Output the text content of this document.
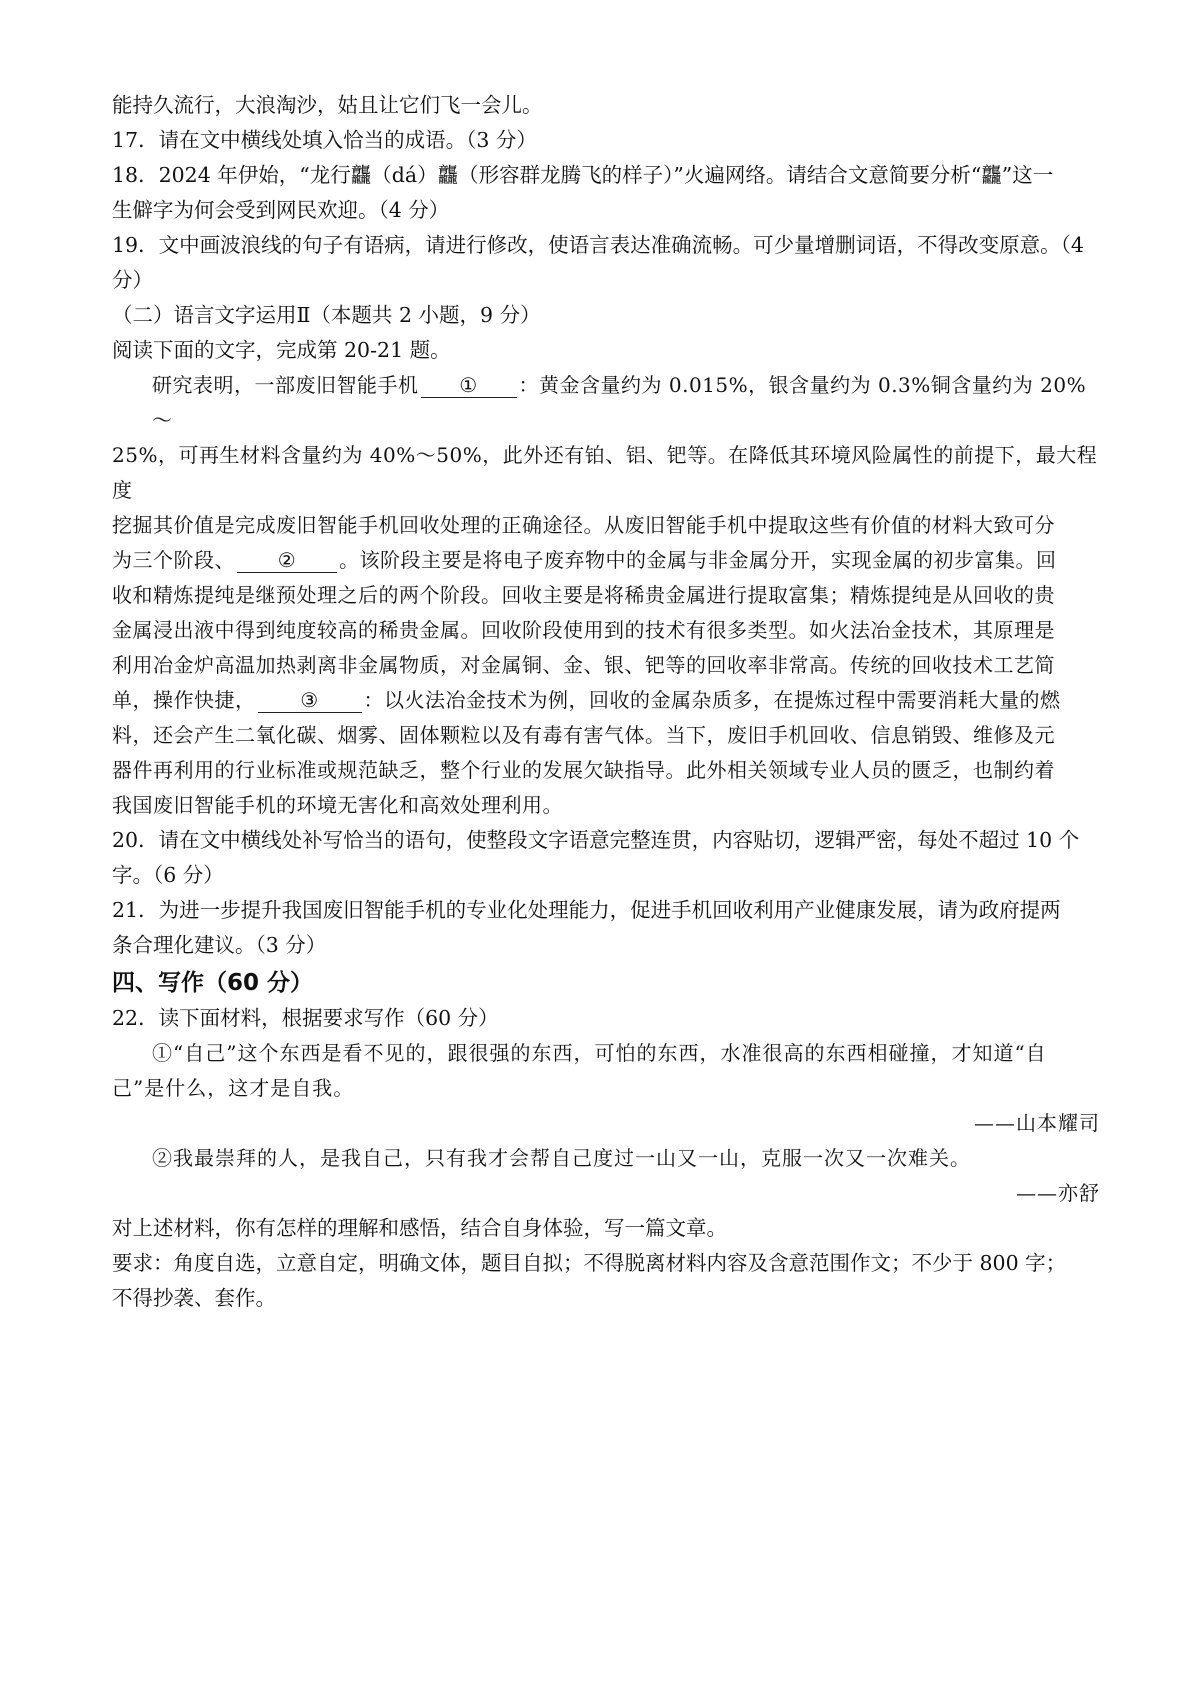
能持久流行，大浪淘沙，姑且让它们飞一会儿。
17．请在文中横线处填入恰当的成语。（3 分）
18．2024 年伊始，“龙行龘（dá）龘（形容群龙腾飞的样子）”火遍网络。请结合文意简要分析“龘”这一
生僻字为何会受到网民欢迎。（4 分）
19．文中画波浪线的句子有语病，请进行修改，使语言表达准确流畅。可少量增删词语，不得改变原意。（4
分）
（二）语言文字运用Ⅱ（本题共 2 小题，9 分）
阅读下面的文字，完成第 20-21 题。
研究表明，一部废旧智能手机 ① ：黄金含量约为 0.015%，银含量约为 0.3%铜含量约为 20%～
25%，可再生材料含量约为 40%～50%，此外还有铂、铝、钯等。在降低其环境风险属性的前提下，最大程度
挖掘其价值是完成废旧智能手机回收处理的正确途径。从废旧智能手机中提取这些有价值的材料大致可分
为三个阶段、 ② 。该阶段主要是将电子废弃物中的金属与非金属分开，实现金属的初步富集。回
收和精炼提纯是继预处理之后的两个阶段。回收主要是将稀贵金属进行提取富集；精炼提纯是从回收的贵
金属浸出液中得到纯度较高的稀贵金属。回收阶段使用到的技术有很多类型。如火法冶金技术，其原理是
利用冶金炉高温加热剥离非金属物质，对金属铜、金、银、钯等的回收率非常高。传统的回收技术工艺简
单，操作快捷， ③ ：以火法冶金技术为例，回收的金属杂质多，在提炼过程中需要消耗大量的燃
料，还会产生二氧化碳、烟雾、固体颗粒以及有毒有害气体。当下，废旧手机回收、信息销毁、维修及元
器件再利用的行业标准或规范缺乏，整个行业的发展欠缺指导。此外相关领域专业人员的匮乏，也制约着
我国废旧智能手机的环境无害化和高效处理利用。
20．请在文中横线处补写恰当的语句，使整段文字语意完整连贯，内容贴切，逻辑严密，每处不超过 10 个
字。（6 分）
21．为进一步提升我国废旧智能手机的专业化处理能力，促进手机回收利用产业健康发展，请为政府提两
条合理化建议。（3 分）
四、写作（60 分）
22．读下面材料，根据要求写作（60 分）
①“自己”这个东西是看不见的，跟很强的东西，可怕的东西，水准很高的东西相碰撞，才知道“自
己”是什么，这才是自我。
——山本耀司
②我最崇拜的人，是我自己，只有我才会帮自己度过一山又一山，克服一次又一次难关。
——亦舒
对上述材料，你有怎样的理解和感悟，结合自身体验，写一篇文章。
要求：角度自选，立意自定，明确文体，题目自拟；不得脱离材料内容及含意范围作文；不少于 800 字；
不得抄袭、套作。
